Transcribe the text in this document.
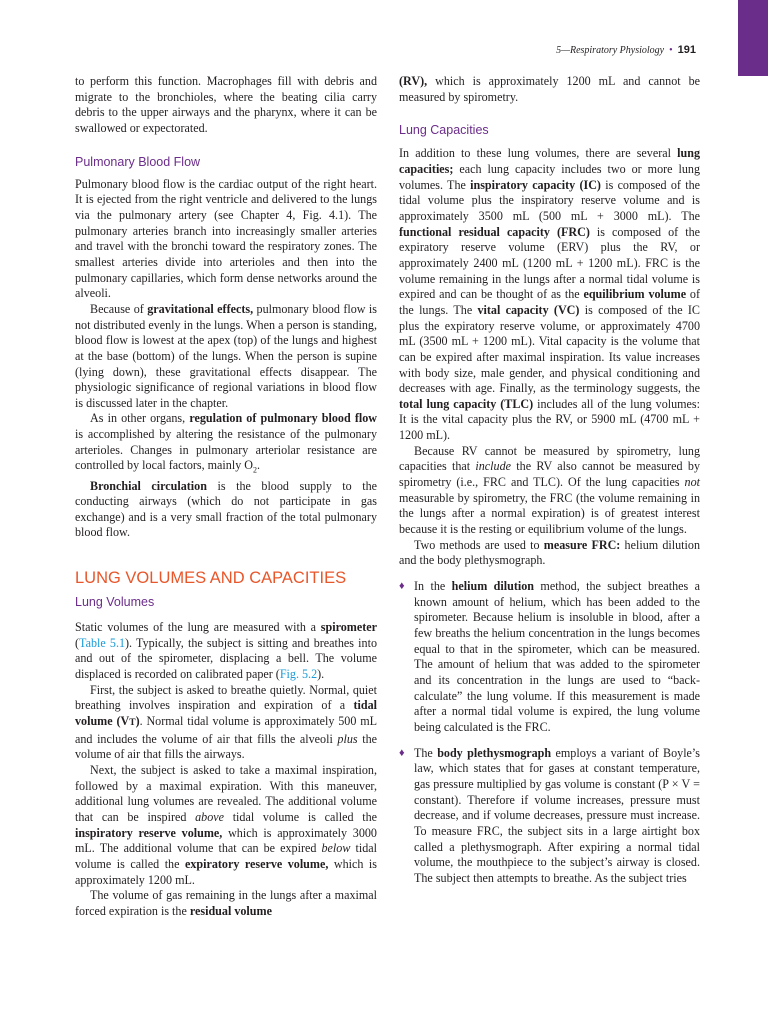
5—Respiratory Physiology • 191

to perform this function. Macrophages fill with debris and migrate to the bronchioles, where the beating cilia carry debris to the upper airways and the pharynx, where it can be swallowed or expectorated.

Pulmonary Blood Flow

Pulmonary blood flow is the cardiac output of the right heart. It is ejected from the right ventricle and delivered to the lungs via the pulmonary artery (see Chapter 4, Fig. 4.1). The pulmonary arteries branch into increasingly smaller arteries and travel with the bronchi toward the respiratory zones. The smallest arteries divide into arterioles and then into the pulmonary capillaries, which form dense networks around the alveoli.

Because of gravitational effects, pulmonary blood flow is not distributed evenly in the lungs. When a person is standing, blood flow is lowest at the apex (top) of the lungs and highest at the base (bottom) of the lungs. When the person is supine (lying down), these gravitational effects disappear. The physiologic significance of regional variations in blood flow is discussed later in the chapter.

As in other organs, regulation of pulmonary blood flow is accomplished by altering the resistance of the pulmonary arterioles. Changes in pulmonary arteriolar resistance are controlled by local factors, mainly $O_2$.

Bronchial circulation is the blood supply to the conducting airways (which do not participate in gas exchange) and is a very small fraction of the total pulmonary blood flow.

LUNG VOLUMES AND CAPACITIES
Lung Volumes

Static volumes of the lung are measured with a spirometer (Table 5.1). Typically, the subject is sitting and breathes into and out of the spirometer, displacing a bell. The volume displaced is recorded on calibrated paper (Fig. 5.2).

First, the subject is asked to breathe quietly. Normal, quiet breathing involves inspiration and expiration of a tidal volume (VT). Normal tidal volume is approximately 500 mL and includes the volume of air that fills the alveoli plus the volume of air that fills the airways.

Next, the subject is asked to take a maximal inspiration, followed by a maximal expiration. With this maneuver, additional lung volumes are revealed. The additional volume that can be inspired above tidal volume is called the inspiratory reserve volume, which is approximately 3000 mL. The additional volume that can be expired below tidal volume is called the expiratory reserve volume, which is approximately 1200 mL.

The volume of gas remaining in the lungs after a maximal forced expiration is the residual volume

(RV), which is approximately 1200 mL and cannot be measured by spirometry.

Lung Capacities

In addition to these lung volumes, there are several lung capacities; each lung capacity includes two or more lung volumes. The inspiratory capacity (IC) is composed of the tidal volume plus the inspiratory reserve volume and is approximately 3500 mL (500 mL + 3000 mL). The functional residual capacity (FRC) is composed of the expiratory reserve volume (ERV) plus the RV, or approximately 2400 mL (1200 mL + 1200 mL). FRC is the volume remaining in the lungs after a normal tidal volume is expired and can be thought of as the equilibrium volume of the lungs. The vital capacity (VC) is composed of the IC plus the expiratory reserve volume, or approximately 4700 mL (3500 mL + 1200 mL). Vital capacity is the volume that can be expired after maximal inspiration. Its value increases with body size, male gender, and physical conditioning and decreases with age. Finally, as the terminology suggests, the total lung capacity (TLC) includes all of the lung volumes: It is the vital capacity plus the RV, or 5900 mL (4700 mL + 1200 mL).

Because RV cannot be measured by spirometry, lung capacities that include the RV also cannot be measured by spirometry (i.e., FRC and TLC). Of the lung capacities not measurable by spirometry, the FRC (the volume remaining in the lungs after a normal expiration) is of greatest interest because it is the resting or equilibrium volume of the lungs.

Two methods are used to measure FRC: helium dilution and the body plethysmograph.

♦ In the helium dilution method, the subject breathes a known amount of helium, which has been added to the spirometer. Because helium is insoluble in blood, after a few breaths the helium concentration in the lungs becomes equal to that in the spirometer, which can be measured. The amount of helium that was added to the spirometer and its concentration in the lungs are used to “back-calculate” the lung volume. If this measurement is made after a normal tidal volume is expired, the lung volume being calculated is the FRC.

♦ The body plethysmograph employs a variant of Boyle’s law, which states that for gases at constant temperature, gas pressure multiplied by gas volume is constant (P × V = constant). Therefore if volume increases, pressure must decrease, and if volume decreases, pressure must increase. To measure FRC, the subject sits in a large airtight box called a plethysmograph. After expiring a normal tidal volume, the mouthpiece to the subject’s airway is closed. The subject then attempts to breathe. As the subject tries
